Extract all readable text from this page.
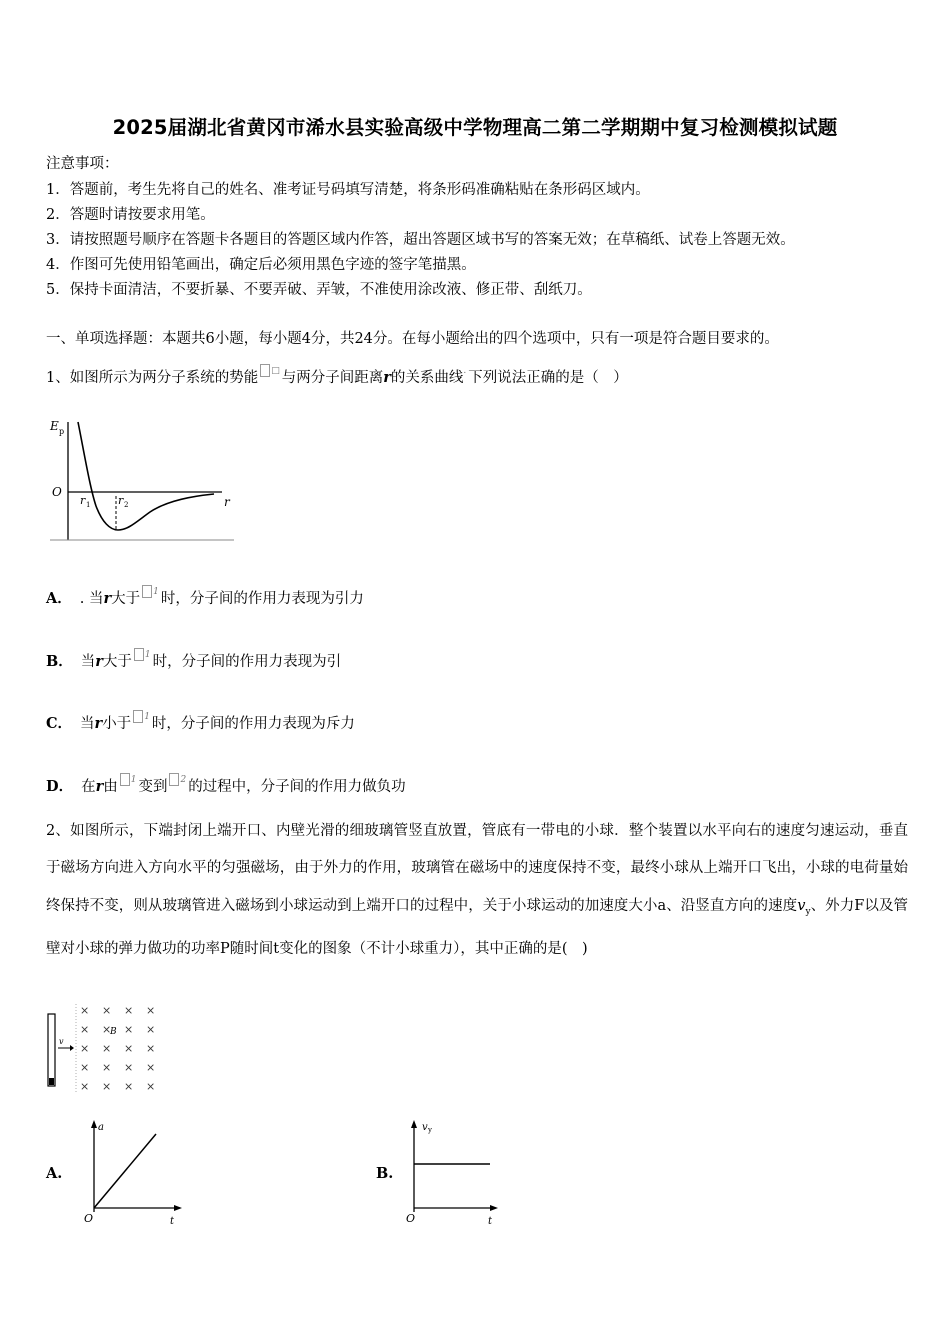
2025届湖北省黄冈市浠水县实验高级中学物理高二第二学期期中复习检测模拟试题
注意事项：
1．答题前，考生先将自己的姓名、准考证号码填写清楚，将条形码准确粘贴在条形码区域内。
2．答题时请按要求用笔。
3．请按照题号顺序在答题卡各题目的答题区域内作答，超出答题区域书写的答案无效；在草稿纸、试卷上答题无效。
4．作图可先使用铅笔画出，确定后必须用黑色字迹的签字笔描黑。
5．保持卡面清洁，不要折暴、不要弄破、弄皱，不准使用涂改液、修正带、刮纸刀。
一、单项选择题：本题共6小题，每小题4分，共24分。在每小题给出的四个选项中，只有一项是符合题目要求的。
1、如图所示为两分子系统的势能 □ 与两分子间距离r的关系曲线. 下列说法正确的是（　）
E p
O
r
r 1	r 2
A． . 当r大于 $^1$ 时，分子间的作用力表现为引力
B． 当r大于 $^1$ 时，分子间的作用力表现为引
C． 当r小于 $^1$ 时，分子间的作用力表现为斥力
D． 在r由 $^1$ 变到 $^2$ 的过程中，分子间的作用力做负功
2、如图所示，下端封闭上端开口、内壁光滑的细玻璃管竖直放置，管底有一带电的小球．整个装置以水平向右的速度匀速运动，垂直于磁场方向进入方向水平的匀强磁场，由于外力的作用，玻璃管在磁场中的速度保持不变，最终小球从上端开口飞出，小球的电荷量始终保持不变，则从玻璃管进入磁场到小球运动到上端开口的过程中，关于小球运动的加速度大小a、沿竖直方向的速度$v_y$、外力F以及管壁对小球的弹力做功的功率P随时间t变化的图象（不计小球重力），其中正确的是(　)
v
B
× × × ×
× × × ×
× × × ×
× × × ×
× × × ×
A.
a
O	t
B.
v y
O	t
